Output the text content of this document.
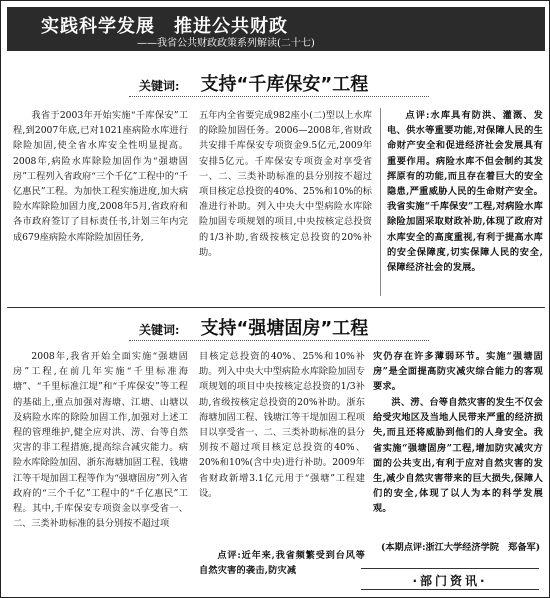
实践科学发展　推进公共财政
——我省公共财政政策系列解读(二十七)
关键词: 支持“千库保安”工程

我省于2003年开始实施“千库保安”工程,到2007年底,已对1021座病险水库进行除险加固,使全省水库安全性明显提高。2008年,病险水库除险加固作为“强塘固房”工程列入省政府“三个千亿”工程中的“千亿惠民”工程。为加快工程实施进度,加大病险水库除险加固力度,2008年5月,省政府和各市政府签订了目标责任书,计划三年内完成679座病险水库除险加固任务,

五年内全省要完成982座小(二)型以上水库的除险加固任务。2006—2008年,省财政共安排千库保安专项资金9.5亿元,2009年安排5亿元。千库保安专项资金对享受省一、二、三类补助标准的县分别按不超过项目核定总投资的40%、25%和10%的标准进行补助。列入中央大中型病险水库除险加固专项规划的项目,中央按核定总投资的1/3补助,省级按核定总投资的20%补助。

点评:水库具有防洪、灌溉、发电、供水等重要功能,对保障人民的生命财产安全和促进经济社会发展具有重要作用。病险水库不但会制约其发挥原有的功能,而且存在着巨大的安全隐患,严重威胁人民的生命财产安全。我省实施“千库保安”工程,对病险水库除险加固采取财政补助,体现了政府对水库安全的高度重视,有利于提高水库的安全保障度,切实保障人民的安全,保障经济社会的发展。

关键词: 支持“强塘固房”工程

2008年,我省开始全面实施“强塘固房”工程,在前几年实施“千里标准海塘”、“千里标准江堤”和“千库保安”等工程的基础上,重点加强对海塘、江塘、山塘以及病险水库的除险加固工作,加强对上述工程的管理维护,健全应对洪、涝、台等自然灾害的非工程措施,提高综合减灾能力。病险水库除险加固、浙东海塘加固工程、钱塘江等干堤加固工程等作为“强塘固房”列入省政府的“三个千亿”工程中的“千亿惠民”工程。其中,千库保安专项资金以享受省一、二、三类补助标准的县分别按不超过项

目核定总投资的40%、25%和10%补助。列入中央大中型病险水库除险加固专项规划的项目中央按核定总投资的1/3补助,省级按核定总投资的20%补助。浙东海塘加固工程、钱塘江等干堤加固工程项目以享受省一、二、三类补助标准的县分别按不超过项目核定总投资的40%、20%和10%(含中央)进行补助。2009年省财政新增3.1亿元用于“强塘”工程建设。

点评:近年来,我省频繁受到台风等自然灾害的袭击,防灾减

灾仍存在许多薄弱环节。实施“强塘固房”是全面提高防灾减灾综合能力的客观要求。

洪、涝、台等自然灾害的发生不仅会给受灾地区及当地人民带来严重的经济损失,而且还将威胁到他们的人身安全。我省实施“强塘固房”工程,增加防灾减灾方面的公共支出,有利于应对自然灾害的发生,减少自然灾害带来的巨大损失,保障人们的安全,体现了以人为本的科学发展观。

(本期点评:浙江大学经济学院　郑备军)
·部门资讯·
